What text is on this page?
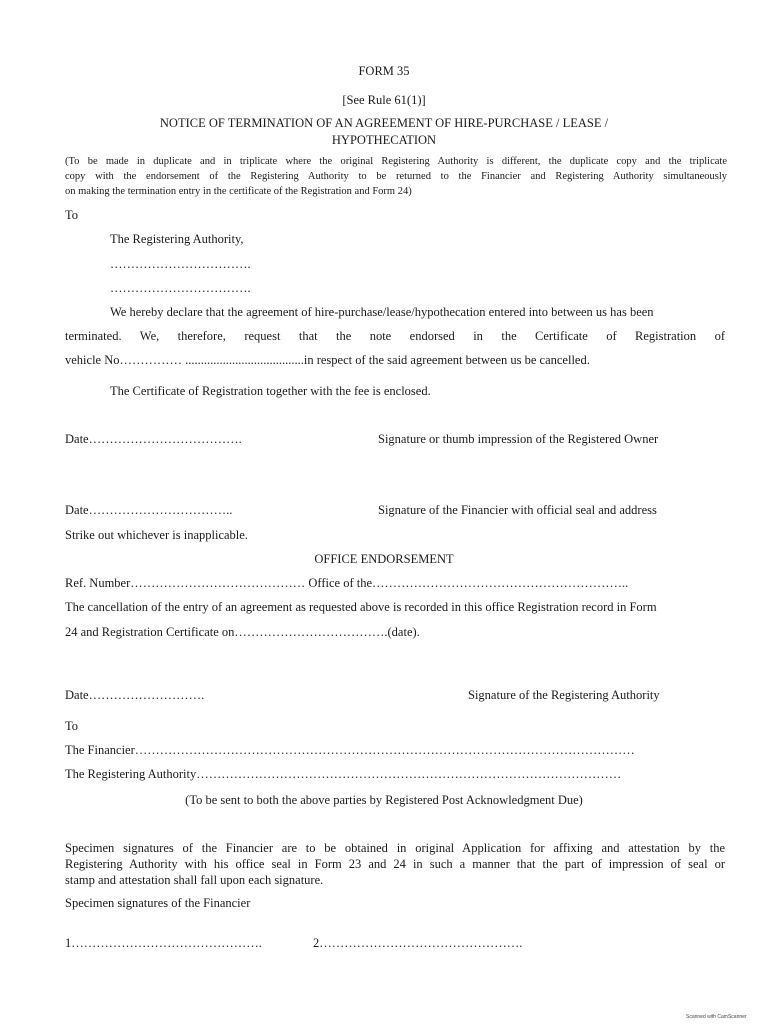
FORM 35
[See Rule 61(1)]
NOTICE OF TERMINATION OF AN AGREEMENT OF HIRE-PURCHASE / LEASE /
HYPOTHECATION
(To be made in duplicate and in triplicate where the original Registering Authority is different, the duplicate copy and the triplicate
copy with the endorsement of the Registering Authority to be returned to the Financier and Registering Authority simultaneously
on making the termination entry in the certificate of the Registration and Form 24)
To
The Registering Authority,
…………………………….
…………………………….
We hereby declare that the agreement of hire-purchase/lease/hypothecation entered into between us has been
terminated. We, therefore, request that the note endorsed in the Certificate of Registration of
vehicle No…………… ......................................in respect of the said agreement between us be cancelled.
The Certificate of Registration together with the fee is enclosed.
Date……………………………….	Signature or thumb impression of the Registered Owner
Date……………………………..	Signature of the Financier with official seal and address
Strike out whichever is inapplicable.
OFFICE ENDORSEMENT
Ref. Number…………………………………… Office of the……………………………………………………..
The cancellation of the entry of an agreement as requested above is recorded in this office Registration record in Form
24 and Registration Certificate on……………………………….(date).
Date……………………….	Signature of the Registering Authority
To
The Financier…………………………………………………………………………………………………………
The Registering Authority…………………………………………………………………………………………
(To be sent to both the above parties by Registered Post Acknowledgment Due)
Specimen signatures of the Financier are to be obtained in original Application for affixing and attestation by the
Registering Authority with his office seal in Form 23 and 24 in such a manner that the part of impression of seal or
stamp and attestation shall fall upon each signature.
Specimen signatures of the Financier
1……………………………………….	2………………………………………….
Scanned with CamScanner
